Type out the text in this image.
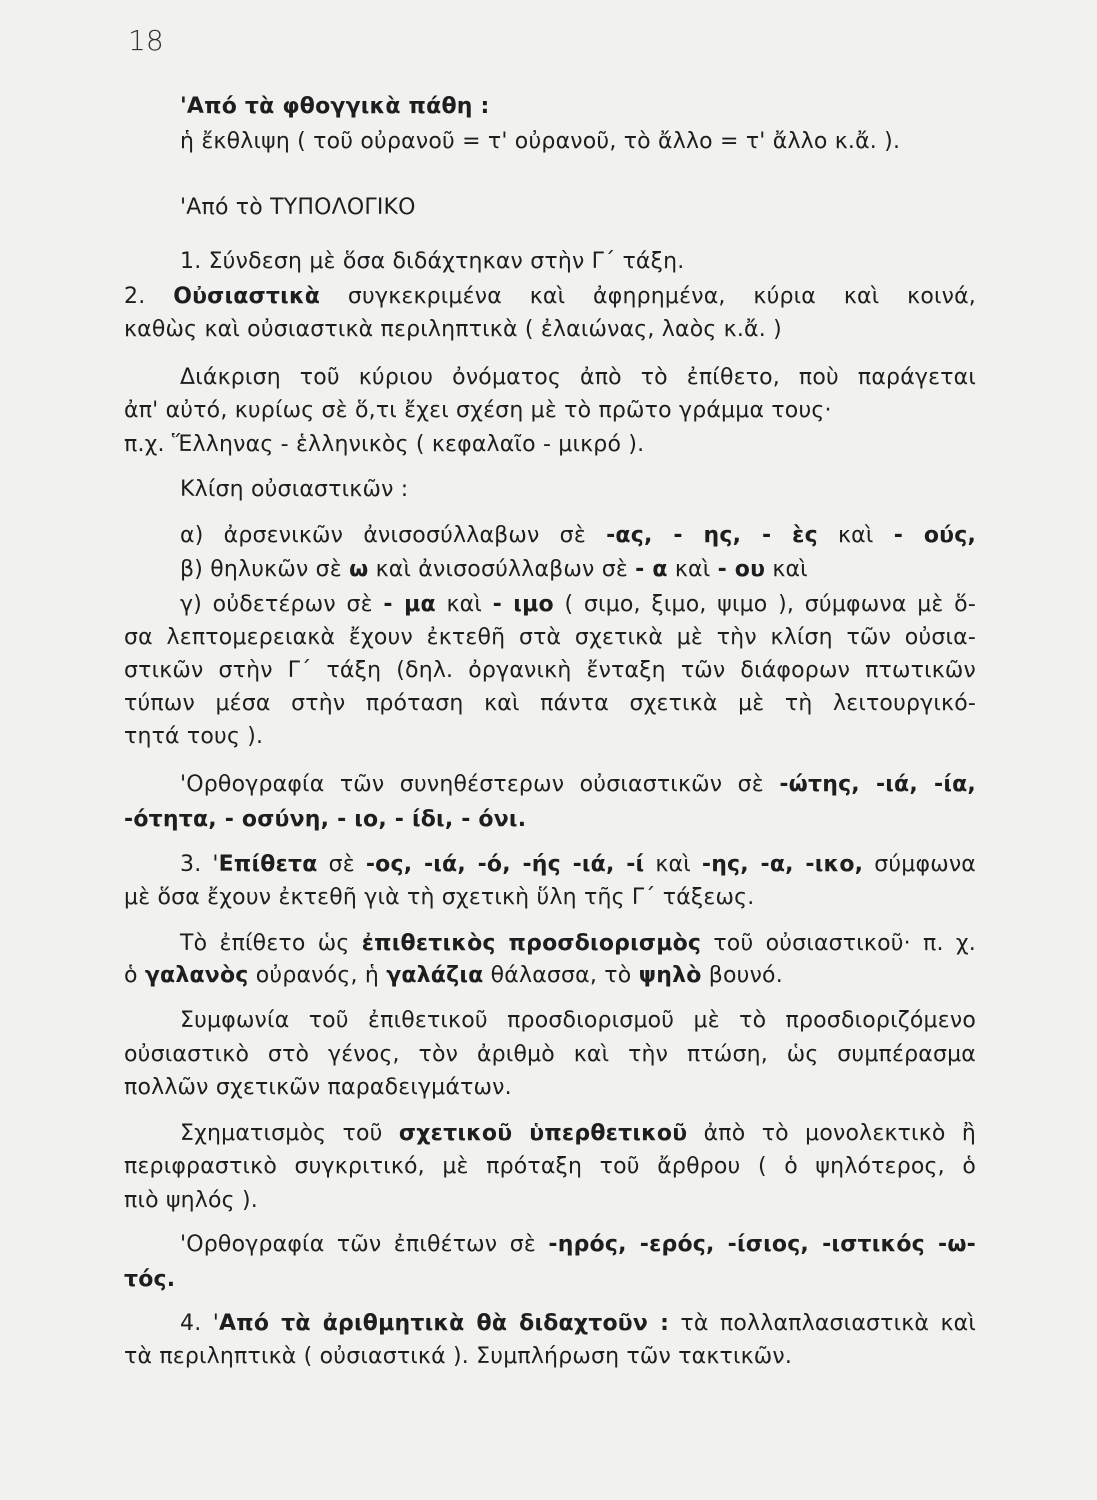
18
'Από τὰ φθογγικὰ πάθη :
ἡ ἔκθλιψη ( τοῦ οὐρανοῦ = τ' οὐρανοῦ, τὸ ἄλλο = τ' ἄλλο κ.ἄ. ).
'Από τὸ ΤΥΠΟΛΟΓΙΚΟ
1. Σύνδεση μὲ ὅσα διδάχτηκαν στὴν Γ΄ τάξη.
2. Οὐσιαστικὰ συγκεκριμένα καὶ ἀφηρημένα, κύρια καὶ κοινά,
καθὼς καὶ οὐσιαστικὰ περιληπτικὰ ( ἐλαιώνας, λαὸς κ.ἄ. )
Διάκριση τοῦ κύριου ὀνόματος ἀπὸ τὸ ἐπίθετο, ποὺ παράγεται
ἀπ' αὐτό, κυρίως σὲ ὅ,τι ἔχει σχέση μὲ τὸ πρῶτο γράμμα τους·
π.χ. Ἕλληνας - ἑλληνικὸς ( κεφαλαῖο - μικρό ).
Κλίση οὐσιαστικῶν :
α) ἀρσενικῶν ἀνισοσύλλαβων σὲ -ας, - ης, - ὲς καὶ - ούς,
β) θηλυκῶν σὲ ω καὶ ἀνισοσύλλαβων σὲ - α καὶ - ου καὶ
γ) οὐδετέρων σὲ - μα καὶ - ιμο ( σιμο, ξιμο, ψιμο ), σύμφωνα μὲ ὅ-
σα λεπτομερειακὰ ἔχουν ἐκτεθῆ στὰ σχετικὰ μὲ τὴν κλίση τῶν οὐσια-
στικῶν στὴν Γ΄ τάξη (δηλ. ὀργανικὴ ἔνταξη τῶν διάφορων πτωτικῶν
τύπων μέσα στὴν πρόταση καὶ πάντα σχετικὰ μὲ τὴ λειτουργικό-
τητά τους ).
'Ορθογραφία τῶν συνηθέστερων οὐσιαστικῶν σὲ -ώτης, -ιά, -ία,
-ότητα, - οσύνη, - ιο, - ίδι, - όνι.
3. 'Επίθετα σὲ -ος, -ιά, -ό, -ής -ιά, -ί καὶ -ης, -α, -ικο, σύμφωνα
μὲ ὅσα ἔχουν ἐκτεθῆ γιὰ τὴ σχετικὴ ὕλη τῆς Γ΄ τάξεως.
Τὸ ἐπίθετο ὡς ἐπιθετικὸς προσδιορισμὸς τοῦ οὐσιαστικοῦ· π. χ.
ὁ γαλανὸς οὐρανός, ἡ γαλάζια θάλασσα, τὸ ψηλὸ βουνό.
Συμφωνία τοῦ ἐπιθετικοῦ προσδιορισμοῦ μὲ τὸ προσδιοριζόμενο
οὐσιαστικὸ στὸ γένος, τὸν ἀριθμὸ καὶ τὴν πτώση, ὡς συμπέρασμα
πολλῶν σχετικῶν παραδειγμάτων.
Σχηματισμὸς τοῦ σχετικοῦ ὑπερθετικοῦ ἀπὸ τὸ μονολεκτικὸ ἢ
περιφραστικὸ συγκριτικό, μὲ πρόταξη τοῦ ἄρθρου ( ὁ ψηλότερος, ὁ
πιὸ ψηλός ).
'Ορθογραφία τῶν ἐπιθέτων σὲ -ηρός, -ερός, -ίσιος, -ιστικός -ω-
τός.
4. 'Από τὰ ἀριθμητικὰ θὰ διδαχτοῦν : τὰ πολλαπλασιαστικὰ καὶ
τὰ περιληπτικὰ ( οὐσιαστικά ). Συμπλήρωση τῶν τακτικῶν.
